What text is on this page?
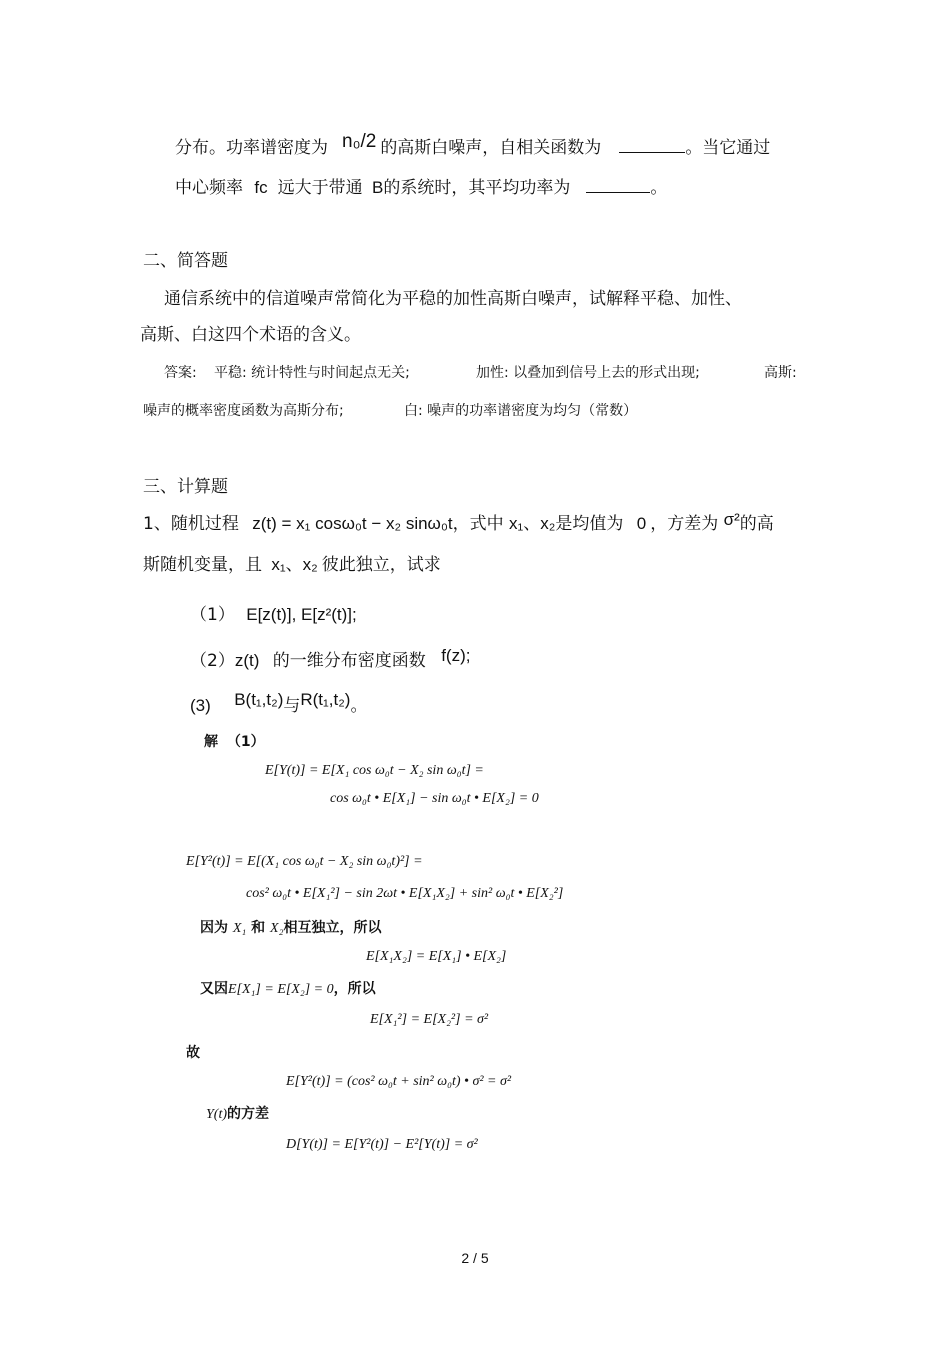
分布。功率谱密度为 n₀/2 的高斯白噪声，自相关函数为	。当它通过
中心频率 fc 远大于带通 B的系统时，其平均功率为	。
二、简答题
通信系统中的信道噪声常简化为平稳的加性高斯白噪声，试解释平稳、加性、
高斯、白这四个术语的含义。
答案: 平稳: 统计特性与时间起点无关;	加性: 以叠加到信号上去的形式出现;	高斯:
噪声的概率密度函数为高斯分布;	白: 噪声的功率谱密度为均匀（常数）
三、计算题
1、随机过程 z(t) = x₁ cosω₀t − x₂ sinω₀t，式中 x₁、x₂是均值为 0 ，方差为 σ²的高
斯随机变量，且 x₁、x₂ 彼此独立，试求
（1） E[z(t)], E[z²(t)];
（2）z(t) 的一维分布密度函数 f(z);
(3) B(t₁,t₂)与R(t₁,t₂)。
解 （1）
E[Y(t)] = E[X₁ cos ω₀t − X₂ sin ω₀t] =
cos ω₀t • E[X₁] − sin ω₀t • E[X₂] = 0
E[Y²(t)] = E[(X₁ cos ω₀t − X₂ sin ω₀t)²] =
cos² ω₀t • E[X₁²] − sin 2ωt • E[X₁X₂] + sin² ω₀t • E[X₂²]
因为 X₁ 和 X₂相互独立，所以
E[X₁X₂] = E[X₁] • E[X₂]
又因E[X₁] = E[X₂] = 0，所以
E[X₁²] = E[X₂²] = σ²
故
E[Y²(t)] = (cos² ω₀t + sin² ω₀t) • σ² = σ²
Y(t)的方差
D[Y(t)] = E[Y²(t)] − E²[Y(t)] = σ²
2 / 5
